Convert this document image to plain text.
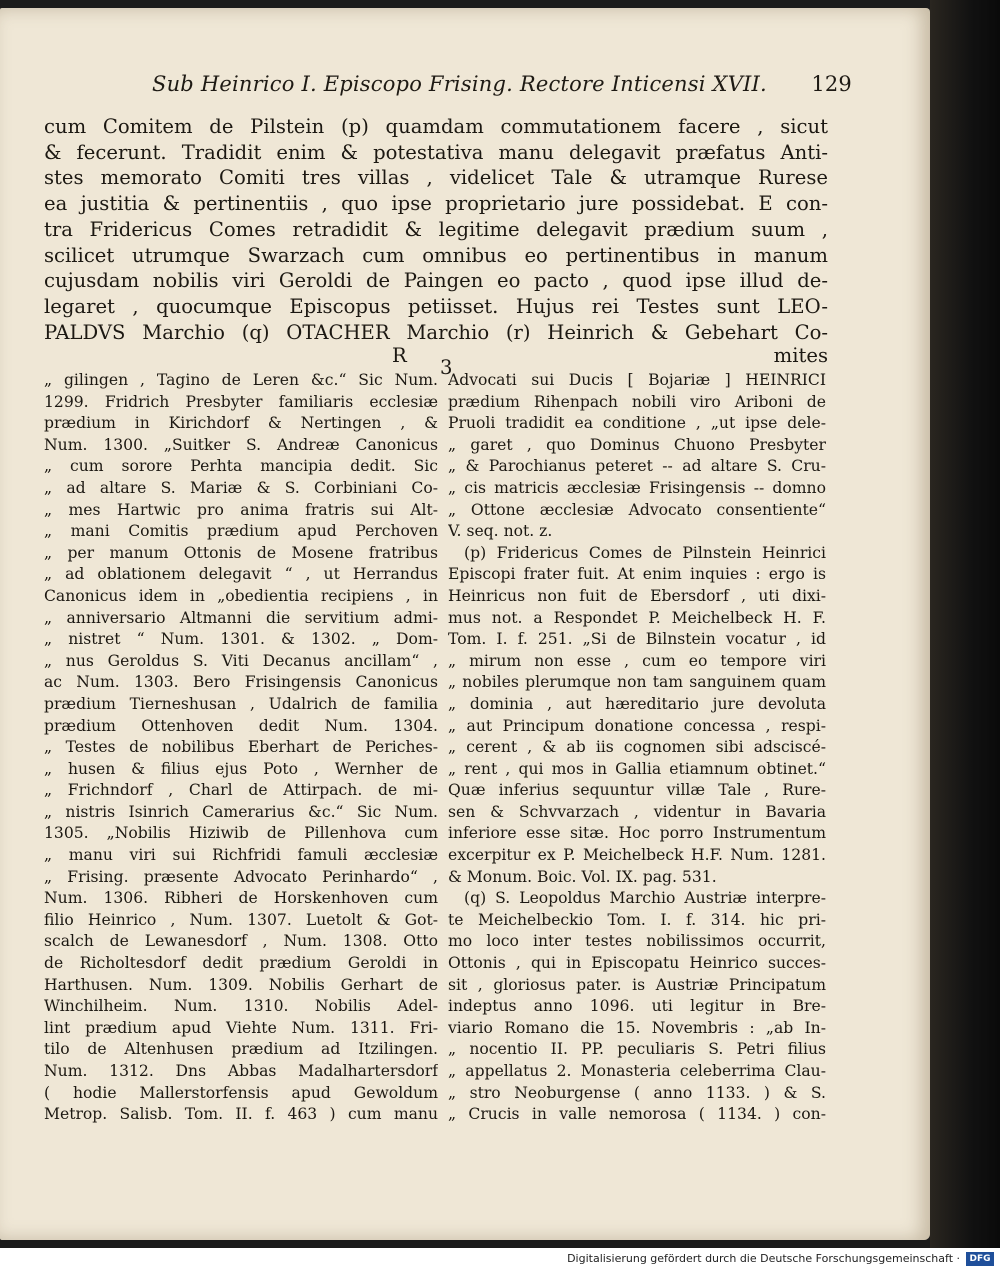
Sub Heinrico I. Episcopo Frising. Rectore Inticensi XVII. 129
cum Comitem de Pilstein (p) quamdam commutationem facere , sicut
& fecerunt. Tradidit enim & potestativa manu delegavit præfatus Anti-
stes memorato Comiti tres villas , videlicet Tale & utramque Rurese
ea justitia & pertinentiis , quo ipse proprietario jure possidebat. E con-
tra Fridericus Comes retradidit & legitime delegavit prædium suum ,
scilicet utrumque Swarzach cum omnibus eo pertinentibus in manum
cujusdam nobilis viri Geroldi de Paingen eo pacto , quod ipse illud de-
legaret , quocumque Episcopus petiisset. Hujus rei Testes sunt LEO-
PALDVS Marchio (q) OTACHER Marchio (r) Heinrich & Gebehart Co-
R
3
mites
„ gilingen , Tagino de Leren &c.“ Sic Num.
1299. Fridrich Presbyter familiaris ecclesiæ
prædium in Kirichdorf & Nertingen , &
Num. 1300. „Suitker S. Andreæ Canonicus
„ cum sorore Perhta mancipia dedit. Sic
„ ad altare S. Mariæ & S. Corbiniani Co-
„ mes Hartwic pro anima fratris sui Alt-
„ mani Comitis prædium apud Perchoven
„ per manum Ottonis de Mosene fratribus
„ ad oblationem delegavit “ , ut Herrandus
Canonicus idem in „obedientia recipiens , in
„ anniversario Altmanni die servitium admi-
„ nistret “ Num. 1301. & 1302. „ Dom-
„ nus Geroldus S. Viti Decanus ancillam“ ,
ac Num. 1303. Bero Frisingensis Canonicus
prædium Tierneshusan , Udalrich de familia
prædium Ottenhoven dedit Num. 1304.
„ Testes de nobilibus Eberhart de Periches-
„ husen & filius ejus Poto , Wernher de
„ Frichndorf , Charl de Attirpach. de mi-
„ nistris Isinrich Camerarius &c.“ Sic Num.
1305. „Nobilis Hiziwib de Pillenhova cum
„ manu viri sui Richfridi famuli æcclesiæ
„ Frising. præsente Advocato Perinhardo“ ,
Num. 1306. Ribheri de Horskenhoven cum
filio Heinrico , Num. 1307. Luetolt & Got-
scalch de Lewanesdorf , Num. 1308. Otto
de Richoltesdorf dedit prædium Geroldi in
Harthusen. Num. 1309. Nobilis Gerhart de
Winchilheim. Num. 1310. Nobilis Adel-
lint prædium apud Viehte Num. 1311. Fri-
tilo de Altenhusen prædium ad Itzilingen.
Num. 1312. Dns Abbas Madalhartersdorf
( hodie Mallerstorfensis apud Gewoldum
Metrop. Salisb. Tom. II. f. 463 ) cum manu
Advocati sui Ducis [ Bojariæ ] HEINRICI
prædium Rihenpach nobili viro Ariboni de
Pruoli tradidit ea conditione , „ut ipse dele-
„ garet , quo Dominus Chuono Presbyter
„ & Parochianus peteret -- ad altare S. Cru-
„ cis matricis æcclesiæ Frisingensis -- domno
„ Ottone æcclesiæ Advocato consentiente“
V. seq. not. z.
(p) Fridericus Comes de Pilnstein Heinrici
Episcopi frater fuit. At enim inquies : ergo is
Heinricus non fuit de Ebersdorf , uti dixi-
mus not. a Respondet P. Meichelbeck H. F.
Tom. I. f. 251. „Si de Bilnstein vocatur , id
„ mirum non esse , cum eo tempore viri
„ nobiles plerumque non tam sanguinem quam
„ dominia , aut hæreditario jure devoluta
„ aut Principum donatione concessa , respi-
„ cerent , & ab iis cognomen sibi adsciscé-
„ rent , qui mos in Gallia etiamnum obtinet.“
Quæ inferius sequuntur villæ Tale , Rure-
sen & Schvvarzach , videntur in Bavaria
inferiore esse sitæ. Hoc porro Instrumentum
excerpitur ex P. Meichelbeck H.F. Num. 1281.
& Monum. Boic. Vol. IX. pag. 531.
(q) S. Leopoldus Marchio Austriæ interpre-
te Meichelbeckio Tom. I. f. 314. hic pri-
mo loco inter testes nobilissimos occurrit,
Ottonis , qui in Episcopatu Heinrico succes-
sit , gloriosus pater. is Austriæ Principatum
indeptus anno 1096. uti legitur in Bre-
viario Romano die 15. Novembris : „ab In-
„ nocentio II. PP. peculiaris S. Petri filius
„ appellatus 2. Monasteria celeberrima Clau-
„ stro Neoburgense ( anno 1133. ) & S.
„ Crucis in valle nemorosa ( 1134. ) con-
Digitalisierung gefördert durch die Deutsche Forschungsgemeinschaft ·	DFG
